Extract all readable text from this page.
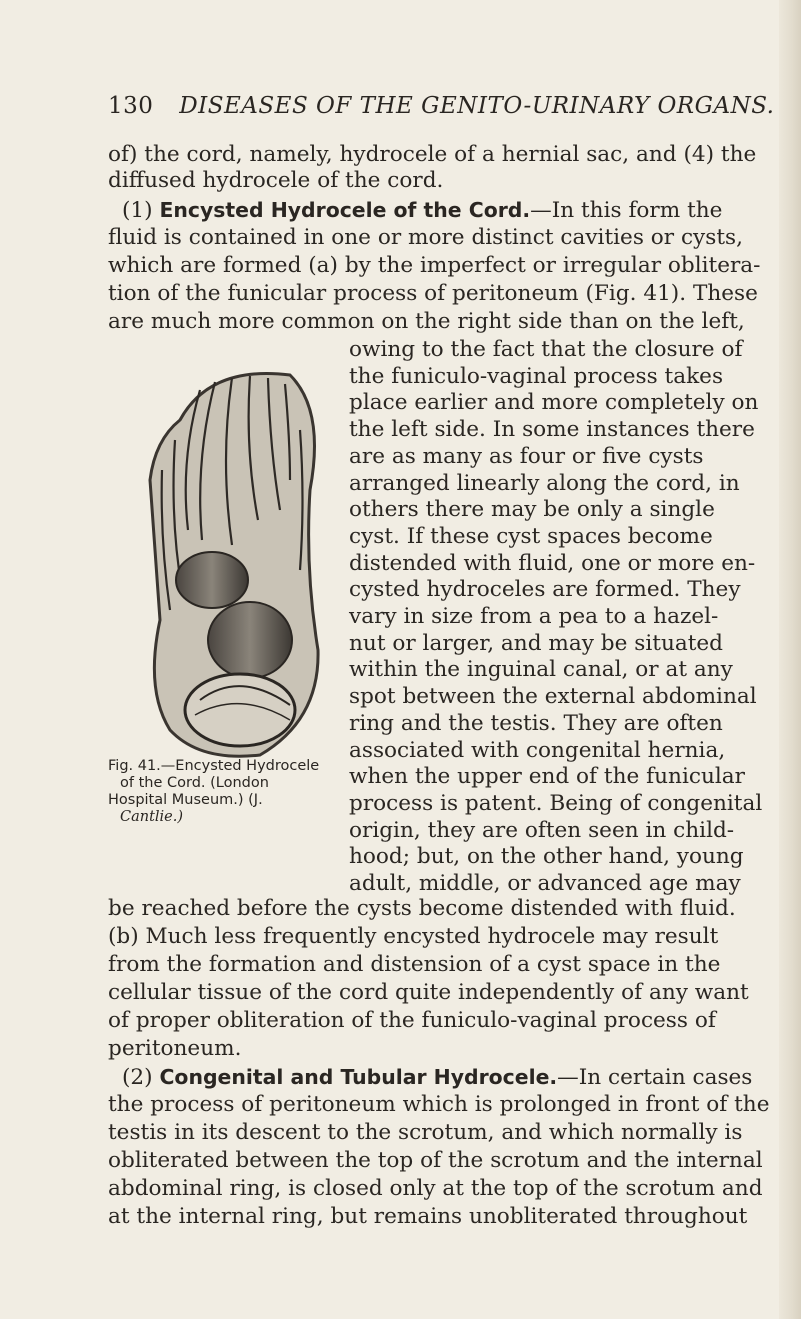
130 DISEASES OF THE GENITO-URINARY ORGANS.
of) the cord, namely, hydrocele of a hernial sac, and (4) the
diffused hydrocele of the cord.
(1) Encysted Hydrocele of the Cord.—In this form the
fluid is contained in one or more distinct cavities or cysts,
which are formed (a) by the imperfect or irregular oblitera-
tion of the funicular process of peritoneum (Fig. 41). These
are much more common on the right side than on the left,
owing to the fact that the closure of
the funiculo-vaginal process takes
place earlier and more completely on
the left side. In some instances there
are as many as four or five cysts
arranged linearly along the cord, in
others there may be only a single
cyst. If these cyst spaces become
distended with fluid, one or more en-
cysted hydroceles are formed. They
vary in size from a pea to a hazel-
nut or larger, and may be situated
within the inguinal canal, or at any
spot between the external abdominal
ring and the testis. They are often
associated with congenital hernia,
when the upper end of the funicular
process is patent. Being of congenital
origin, they are often seen in child-
hood; but, on the other hand, young
adult, middle, or advanced age may
Fig. 41.—Encysted Hydrocele
of the Cord. (London
Hospital Museum.) (J.
Cantlie.)
be reached before the cysts become distended with fluid.
(b) Much less frequently encysted hydrocele may result
from the formation and distension of a cyst space in the
cellular tissue of the cord quite independently of any want
of proper obliteration of the funiculo-vaginal process of
peritoneum.
(2) Congenital and Tubular Hydrocele.—In certain cases
the process of peritoneum which is prolonged in front of the
testis in its descent to the scrotum, and which normally is
obliterated between the top of the scrotum and the internal
abdominal ring, is closed only at the top of the scrotum and
at the internal ring, but remains unobliterated throughout
